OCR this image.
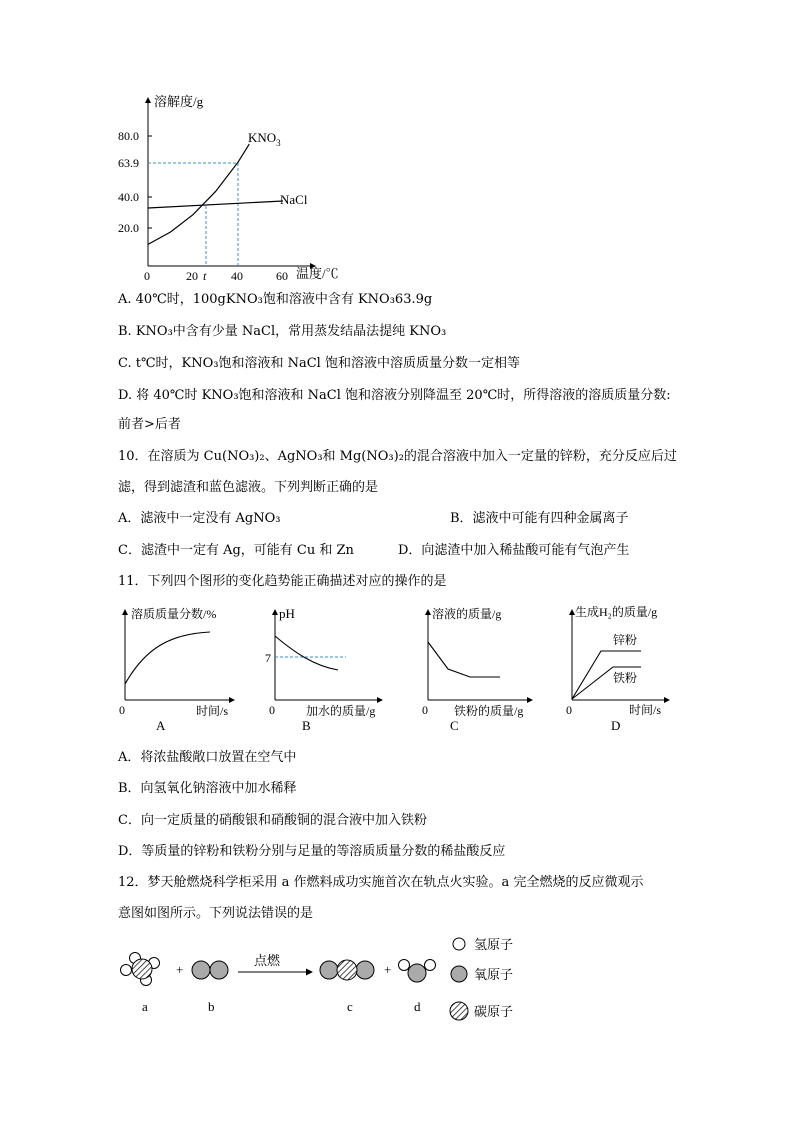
溶解度/g
80.0
63.9
40.0
20.0
0	20 t 40	60 温度/℃
$KNO_3$
NaCl
A. 40℃时，100gKNO₃饱和溶液中含有 KNO₃63.9g
B. KNO₃中含有少量 NaCl，常用蒸发结晶法提纯 KNO₃
C. t℃时，KNO₃饱和溶液和 NaCl 饱和溶液中溶质质量分数一定相等
D. 将 40℃时 KNO₃饱和溶液和 NaCl 饱和溶液分别降温至 20℃时，所得溶液的溶质质量分数:
前者>后者
10．在溶质为 Cu(NO₃)₂、AgNO₃和 Mg(NO₃)₂的混合溶液中加入一定量的锌粉，充分反应后过
滤，得到滤渣和蓝色滤液。下列判断正确的是
A．滤液中一定没有 AgNO₃	B．滤液中可能有四种金属离子
C．滤渣中一定有 Ag，可能有 Cu 和 Zn	D．向滤渣中加入稀盐酸可能有气泡产生
11．下列四个图形的变化趋势能正确描述对应的操作的是
溶质质量分数/%
时间/s
0
A
pH
7
加水的质量/g
0
B
溶液的质量/g
铁粉的质量/g
0
C
生成H₂的质量/g
锌粉
铁粉
时间/s
0
D
A．将浓盐酸敞口放置在空气中
B．向氢氧化钠溶液中加水稀释
C．向一定质量的硝酸银和硝酸铜的混合液中加入铁粉
D．等质量的锌粉和铁粉分别与足量的等溶质质量分数的稀盐酸反应
12．梦天舱燃烧科学柜采用 a 作燃料成功实施首次在轨点火实验。a 完全燃烧的反应微观示
意图如图所示。下列说法错误的是
+
点燃
+
a	b	c	d
氢原子
氧原子
碳原子
